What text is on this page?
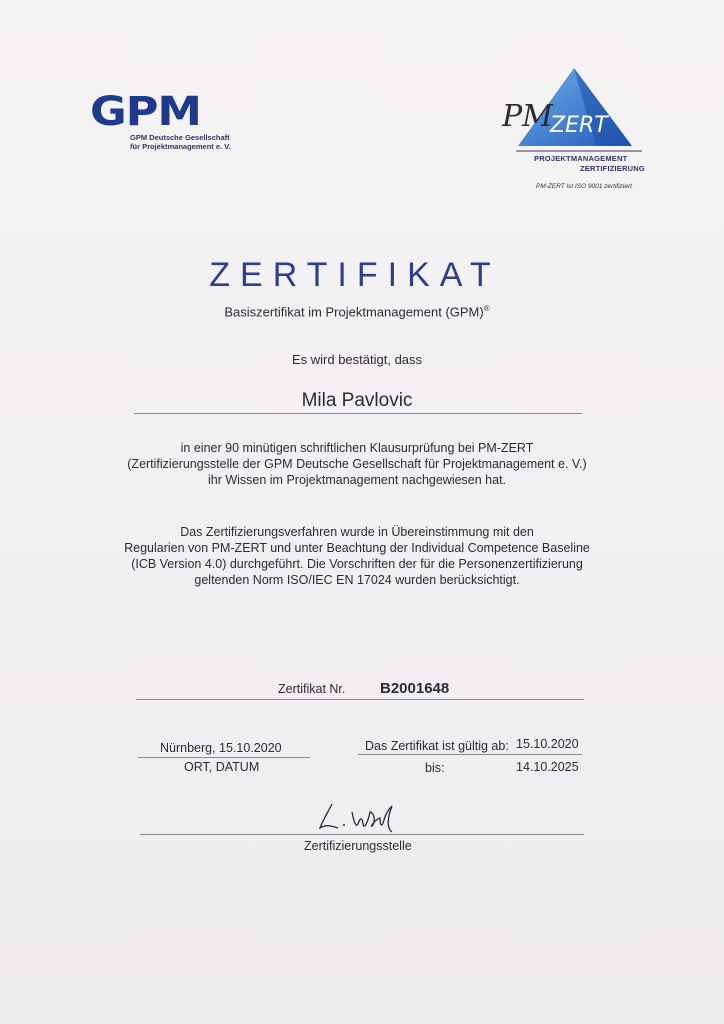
GPM
GPM Deutsche Gesellschaft
für Projektmanagement e. V.
PM
ZERT
PROJEKTMANAGEMENT
ZERTIFIZIERUNG
PM-ZERT ist ISO 9001 zertifiziert
ZERTIFIKAT
Basiszertifikat im Projektmanagement (GPM)®
Es wird bestätigt, dass
Mila Pavlovic
in einer 90 minütigen schriftlichen Klausurprüfung bei PM-ZERT
(Zertifizierungsstelle der GPM Deutsche Gesellschaft für Projektmanagement e. V.)
ihr Wissen im Projektmanagement nachgewiesen hat.
Das Zertifizierungsverfahren wurde in Übereinstimmung mit den
Regularien von PM-ZERT und unter Beachtung der Individual Competence Baseline
(ICB Version 4.0) durchgeführt. Die Vorschriften der für die Personenzertifizierung
geltenden Norm ISO/IEC EN 17024 wurden berücksichtigt.
Zertifikat Nr. B2001648
Nürnberg, 15.10.2020
ORT, DATUM
Das Zertifikat ist gültig ab: 15.10.2020
bis:	14.10.2025
Zertifizierungsstelle
